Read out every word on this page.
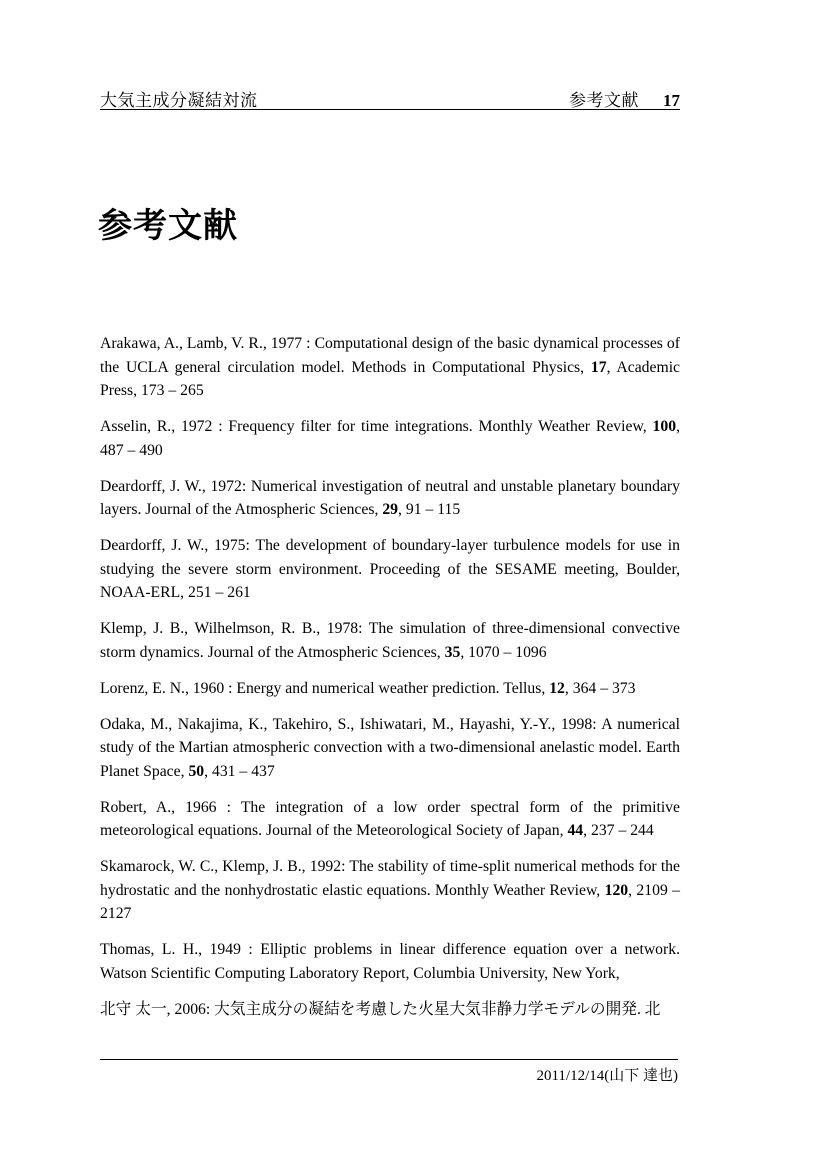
大気主成分凝結対流	参考文献 17
参考文献

Arakawa, A., Lamb, V. R., 1977 : Computational design of the basic dynamical processes of the UCLA general circulation model. Methods in Computational Physics, 17, Academic Press, 173 – 265

Asselin, R., 1972 : Frequency filter for time integrations. Monthly Weather Review, 100, 487 – 490

Deardorff, J. W., 1972: Numerical investigation of neutral and unstable planetary boundary layers. Journal of the Atmospheric Sciences, 29, 91 – 115

Deardorff, J. W., 1975: The development of boundary-layer turbulence models for use in studying the severe storm environment. Proceeding of the SESAME meeting, Boulder, NOAA-ERL, 251 – 261

Klemp, J. B., Wilhelmson, R. B., 1978: The simulation of three-dimensional convective storm dynamics. Journal of the Atmospheric Sciences, 35, 1070 – 1096

Lorenz, E. N., 1960 : Energy and numerical weather prediction. Tellus, 12, 364 – 373

Odaka, M., Nakajima, K., Takehiro, S., Ishiwatari, M., Hayashi, Y.-Y., 1998: A numerical study of the Martian atmospheric convection with a two-dimensional anelastic model. Earth Planet Space, 50, 431 – 437

Robert, A., 1966 : The integration of a low order spectral form of the primitive meteorological equations. Journal of the Meteorological Society of Japan, 44, 237 – 244

Skamarock, W. C., Klemp, J. B., 1992: The stability of time-split numerical methods for the hydrostatic and the nonhydrostatic elastic equations. Monthly Weather Review, 120, 2109 – 2127

Thomas, L. H., 1949 : Elliptic problems in linear difference equation over a network. Watson Scientific Computing Laboratory Report, Columbia University, New York,

北守 太一, 2006: 大気主成分の凝結を考慮した火星大気非静力学モデルの開発. 北

2011/12/14(山下 達也)
